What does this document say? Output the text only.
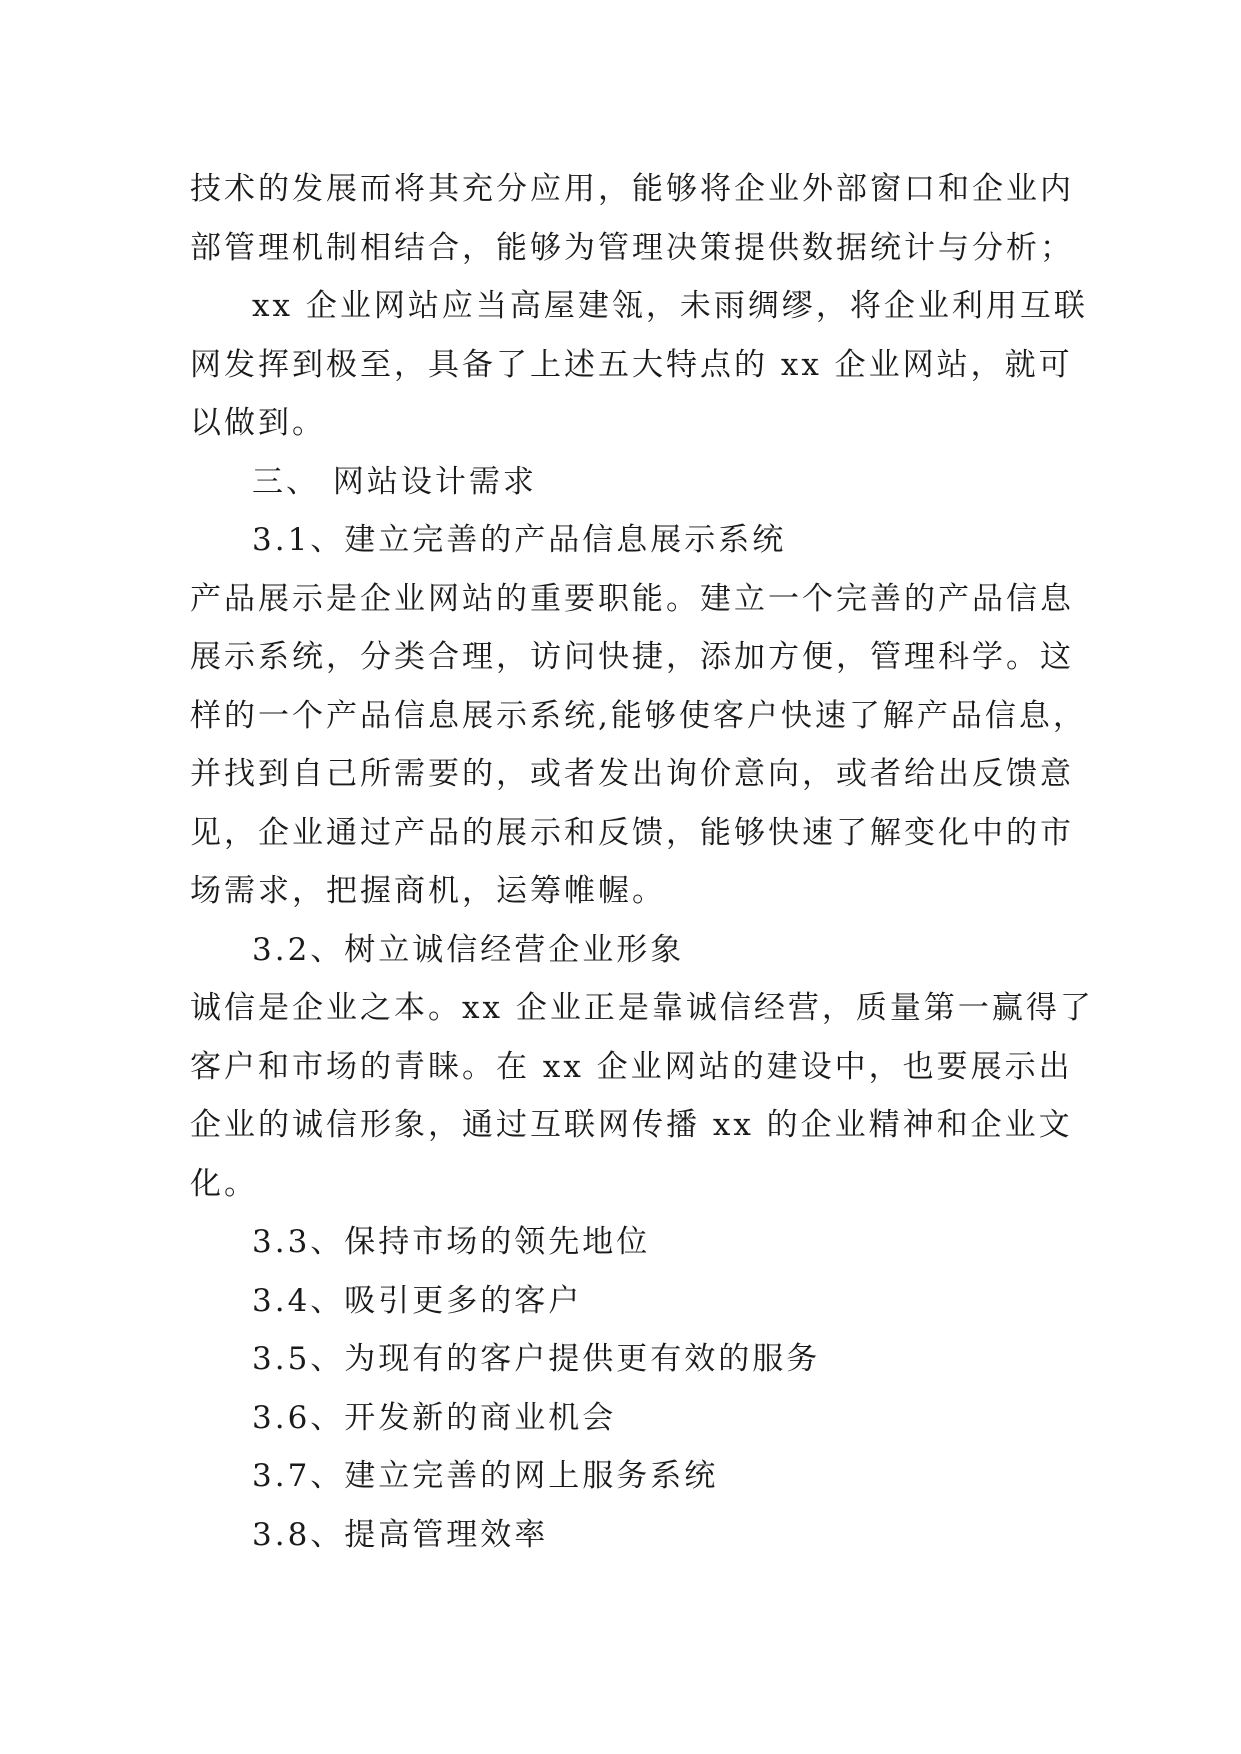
技术的发展而将其充分应用，能够将企业外部窗口和企业内
部管理机制相结合，能够为管理决策提供数据统计与分析；
xx 企业网站应当高屋建瓴，未雨绸缪，将企业利用互联
网发挥到极至，具备了上述五大特点的 xx 企业网站，就可
以做到。
三、 网站设计需求
3.1、建立完善的产品信息展示系统
产品展示是企业网站的重要职能。建立一个完善的产品信息
展示系统，分类合理，访问快捷，添加方便，管理科学。这
样的一个产品信息展示系统,能够使客户快速了解产品信息，
并找到自己所需要的，或者发出询价意向，或者给出反馈意
见，企业通过产品的展示和反馈，能够快速了解变化中的市
场需求，把握商机，运筹帷幄。
3.2、树立诚信经营企业形象
诚信是企业之本。xx 企业正是靠诚信经营，质量第一赢得了
客户和市场的青睐。在 xx 企业网站的建设中，也要展示出
企业的诚信形象，通过互联网传播 xx 的企业精神和企业文
化。
3.3、保持市场的领先地位
3.4、吸引更多的客户
3.5、为现有的客户提供更有效的服务
3.6、开发新的商业机会
3.7、建立完善的网上服务系统
3.8、提高管理效率
